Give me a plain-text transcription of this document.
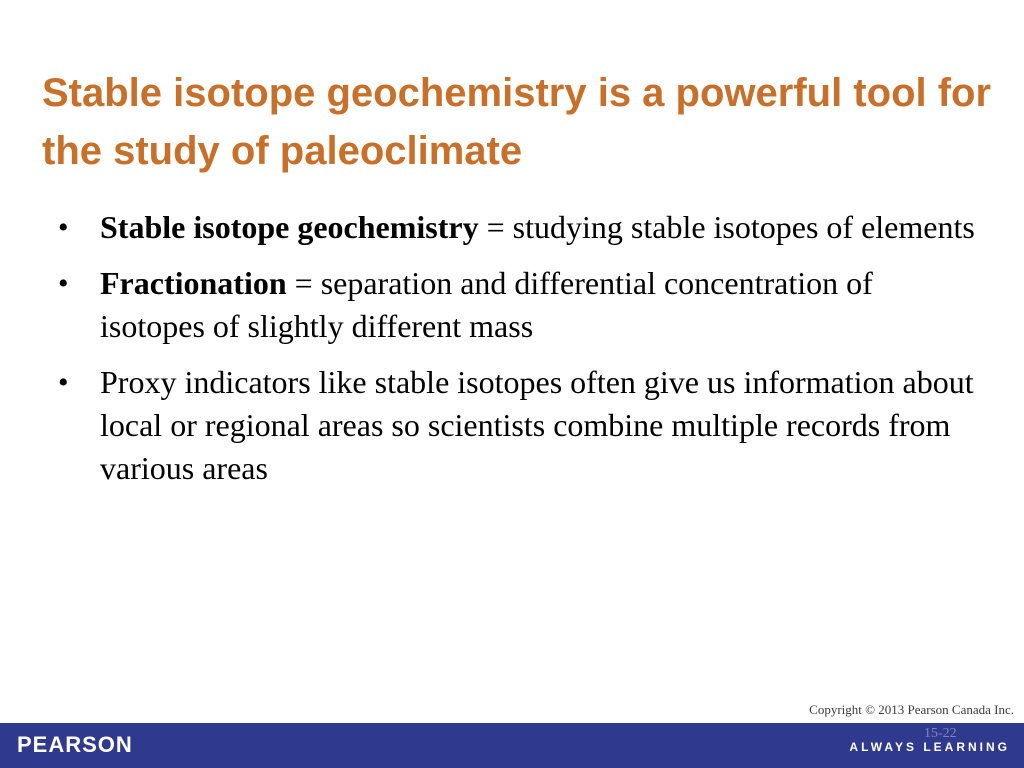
Stable isotope geochemistry is a powerful tool for the study of paleoclimate
• Stable isotope geochemistry = studying stable isotopes of elements
• Fractionation = separation and differential concentration of isotopes of slightly different mass
• Proxy indicators like stable isotopes often give us information about local or regional areas so scientists combine multiple records from various areas
Copyright © 2013 Pearson Canada Inc.
PEARSON	15-22
ALWAYS LEARNING
